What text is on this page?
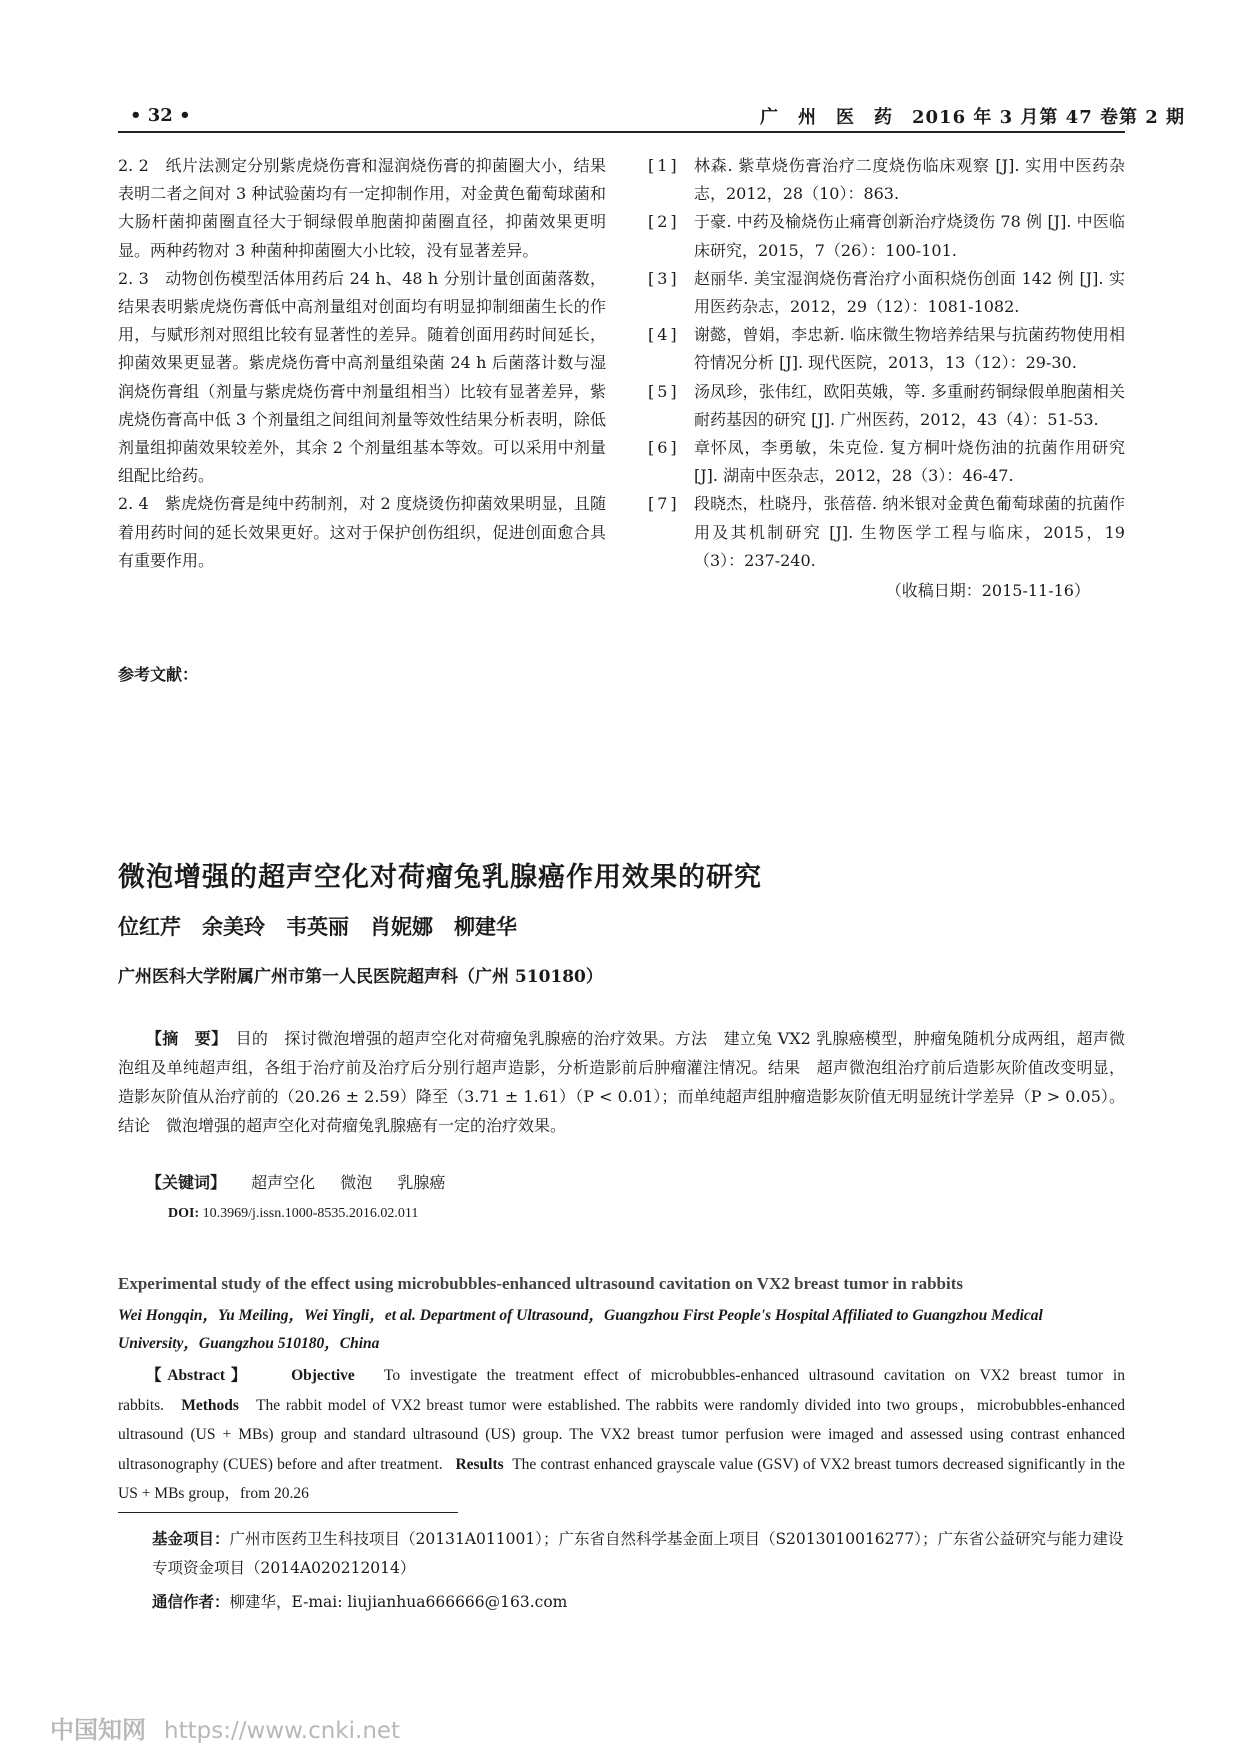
• 32 •	广　州　医　药　2016 年 3 月第 47 卷第 2 期

2. 2　纸片法测定分别紫虎烧伤膏和湿润烧伤膏的抑菌圈大小，结果表明二者之间对 3 种试验菌均有一定抑制作用，对金黄色葡萄球菌和大肠杆菌抑菌圈直径大于铜绿假单胞菌抑菌圈直径，抑菌效果更明显。两种药物对 3 种菌种抑菌圈大小比较，没有显著差异。

2. 3　动物创伤模型活体用药后 24 h、48 h 分别计量创面菌落数，结果表明紫虎烧伤膏低中高剂量组对创面均有明显抑制细菌生长的作用，与赋形剂对照组比较有显著性的差异。随着创面用药时间延长，抑菌效果更显著。紫虎烧伤膏中高剂量组染菌 24 h 后菌落计数与湿润烧伤膏组（剂量与紫虎烧伤膏中剂量组相当）比较有显著差异，紫虎烧伤膏高中低 3 个剂量组之间组间剂量等效性结果分析表明，除低剂量组抑菌效果较差外，其余 2 个剂量组基本等效。可以采用中剂量组配比给药。

2. 4　紫虎烧伤膏是纯中药制剂，对 2 度烧烫伤抑菌效果明显，且随着用药时间的延长效果更好。这对于保护创伤组织，促进创面愈合具有重要作用。

参考文献：
[1] 林森. 紫草烧伤膏治疗二度烧伤临床观察 [J]. 实用中医药杂志，2012，28（10）：863.
[2] 于豪. 中药及榆烧伤止痛膏创新治疗烧烫伤 78 例 [J]. 中医临床研究，2015，7（26）：100-101.
[3] 赵丽华. 美宝湿润烧伤膏治疗小面积烧伤创面 142 例 [J]. 实用医药杂志，2012，29（12）：1081-1082.
[4] 谢懿，曾娟，李忠新. 临床微生物培养结果与抗菌药物使用相符情况分析 [J]. 现代医院，2013，13（12）：29-30.
[5] 汤凤珍，张伟红，欧阳英娥，等. 多重耐药铜绿假单胞菌相关耐药基因的研究 [J]. 广州医药，2012，43（4）：51-53.
[6] 章怀凤，李勇敏，朱克俭. 复方桐叶烧伤油的抗菌作用研究 [J]. 湖南中医杂志，2012，28（3）：46-47.
[7] 段晓杰，杜晓丹，张蓓蓓. 纳米银对金黄色葡萄球菌的抗菌作用及其机制研究 [J]. 生物医学工程与临床，2015，19（3）：237-240.
（收稿日期：2015-11-16）
微泡增强的超声空化对荷瘤兔乳腺癌作用效果的研究
位红芹　余美玲　韦英丽　肖妮娜　柳建华
广州医科大学附属广州市第一人民医院超声科（广州 510180）
【摘　要】　目的　探讨微泡增强的超声空化对荷瘤兔乳腺癌的治疗效果。方法　建立兔 VX2 乳腺癌模型，肿瘤兔随机分成两组，超声微泡组及单纯超声组，各组于治疗前及治疗后分别行超声造影，分析造影前后肿瘤灌注情况。结果　超声微泡组治疗前后造影灰阶值改变明显，造影灰阶值从治疗前的（20.26 ± 2.59）降至（3.71 ± 1.61）（P < 0.01）；而单纯超声组肿瘤造影灰阶值无明显统计学差异（P > 0.05）。结论　微泡增强的超声空化对荷瘤兔乳腺癌有一定的治疗效果。
【关键词】 超声空化 微泡 乳腺癌
DOI: 10.3969/j.issn.1000-8535.2016.02.011
Experimental study of the effect using microbubbles-enhanced ultrasound cavitation on VX2 breast tumor in rabbits
Wei Hongqin，Yu Meiling，Wei Yingli，et al. Department of Ultrasound，Guangzhou First People's Hospital Affiliated to Guangzhou Medical University，Guangzhou 510180，China
【Abstract】	Objective To investigate the treatment effect of microbubbles-enhanced ultrasound cavitation on VX2 breast tumor in rabbits. Methods The rabbit model of VX2 breast tumor were established. The rabbits were randomly divided into two groups，microbubbles-enhanced ultrasound (US + MBs) group and standard ultrasound (US) group. The VX2 breast tumor perfusion were imaged and assessed using contrast enhanced ultrasonography (CUES) before and after treatment. Results The contrast enhanced grayscale value (GSV) of VX2 breast tumors decreased significantly in the US + MBs group，from 20.26
基金项目：广州市医药卫生科技项目（20131A011001）；广东省自然科学基金面上项目（S2013010016277）；广东省公益研究与能力建设专项资金项目（2014A020212014）
通信作者：柳建华，E-mai: liujianhua666666@163.com
中国知网 https://www.cnki.net
